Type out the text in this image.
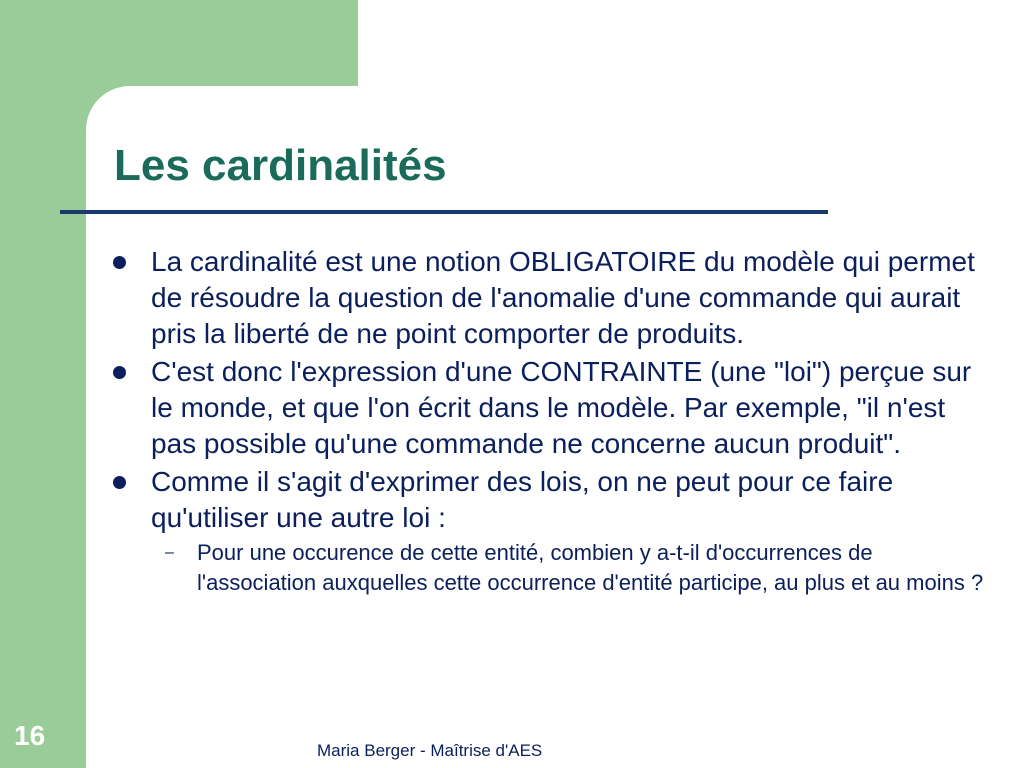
Les cardinalités
La cardinalité est une notion OBLIGATOIRE du modèle qui permet de résoudre la question de l'anomalie d'une commande qui aurait pris la liberté de ne point comporter de produits.
C'est donc l'expression d'une CONTRAINTE (une "loi") perçue sur le monde, et que l'on écrit dans le modèle. Par exemple, "il n'est pas possible qu'une commande ne concerne aucun produit".
Comme il s'agit d'exprimer des lois, on ne peut pour ce faire qu'utiliser une autre loi :
– Pour une occurence de cette entité, combien y a-t-il d'occurrences de l'association auxquelles cette occurrence d'entité participe, au plus et au moins ?
16	Maria Berger - Maîtrise d'AES
